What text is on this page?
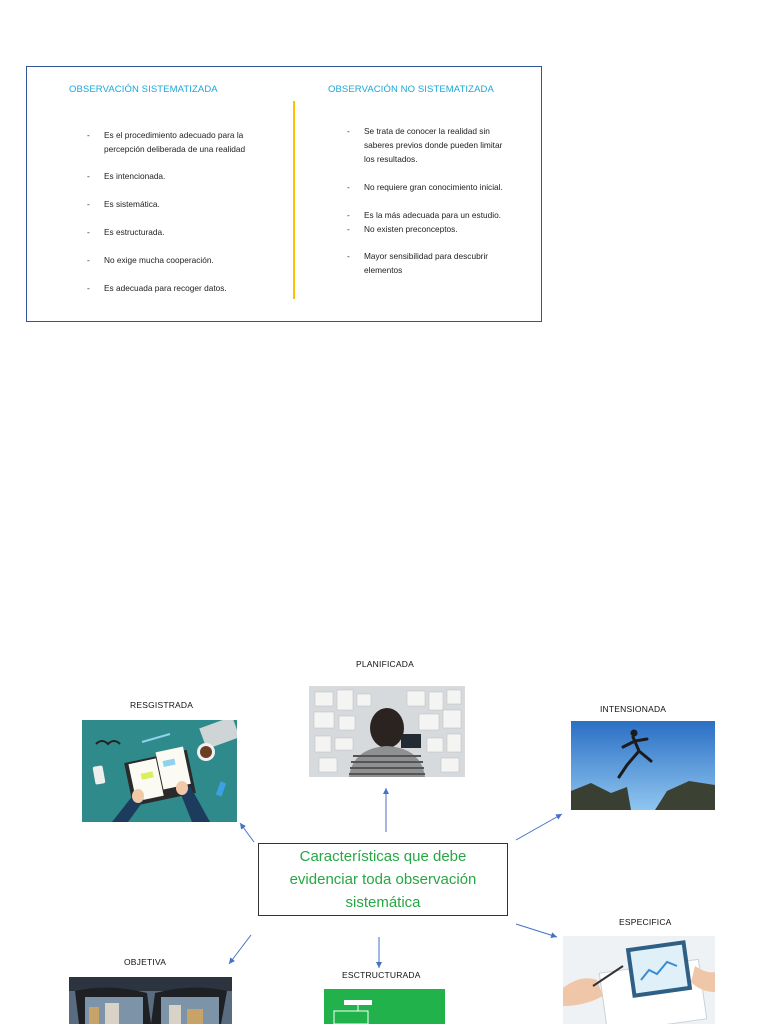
OBSERVACIÓN SISTEMATIZADA	OBSERVACIÓN NO SISTEMATIZADA
- Es el procedimiento adecuado para la percepción deliberada de una realidad
- Es intencionada.
- Es sistemática.
- Es estructurada.
- No exige mucha cooperación.
- Es adecuada para recoger datos.
- Se trata de conocer la realidad sin saberes previos donde pueden limitar los resultados.
- No requiere gran conocimiento inicial.
- Es la más adecuada para un estudio.
- No existen preconceptos.
- Mayor sensibilidad para descubrir elementos
PLANIFICADA
RESGISTRADA	INTENSIONADA
ESPECIFICA
OBJETIVA
ESCTRUCTURADA
Características que debe evidenciar toda observación sistemática
